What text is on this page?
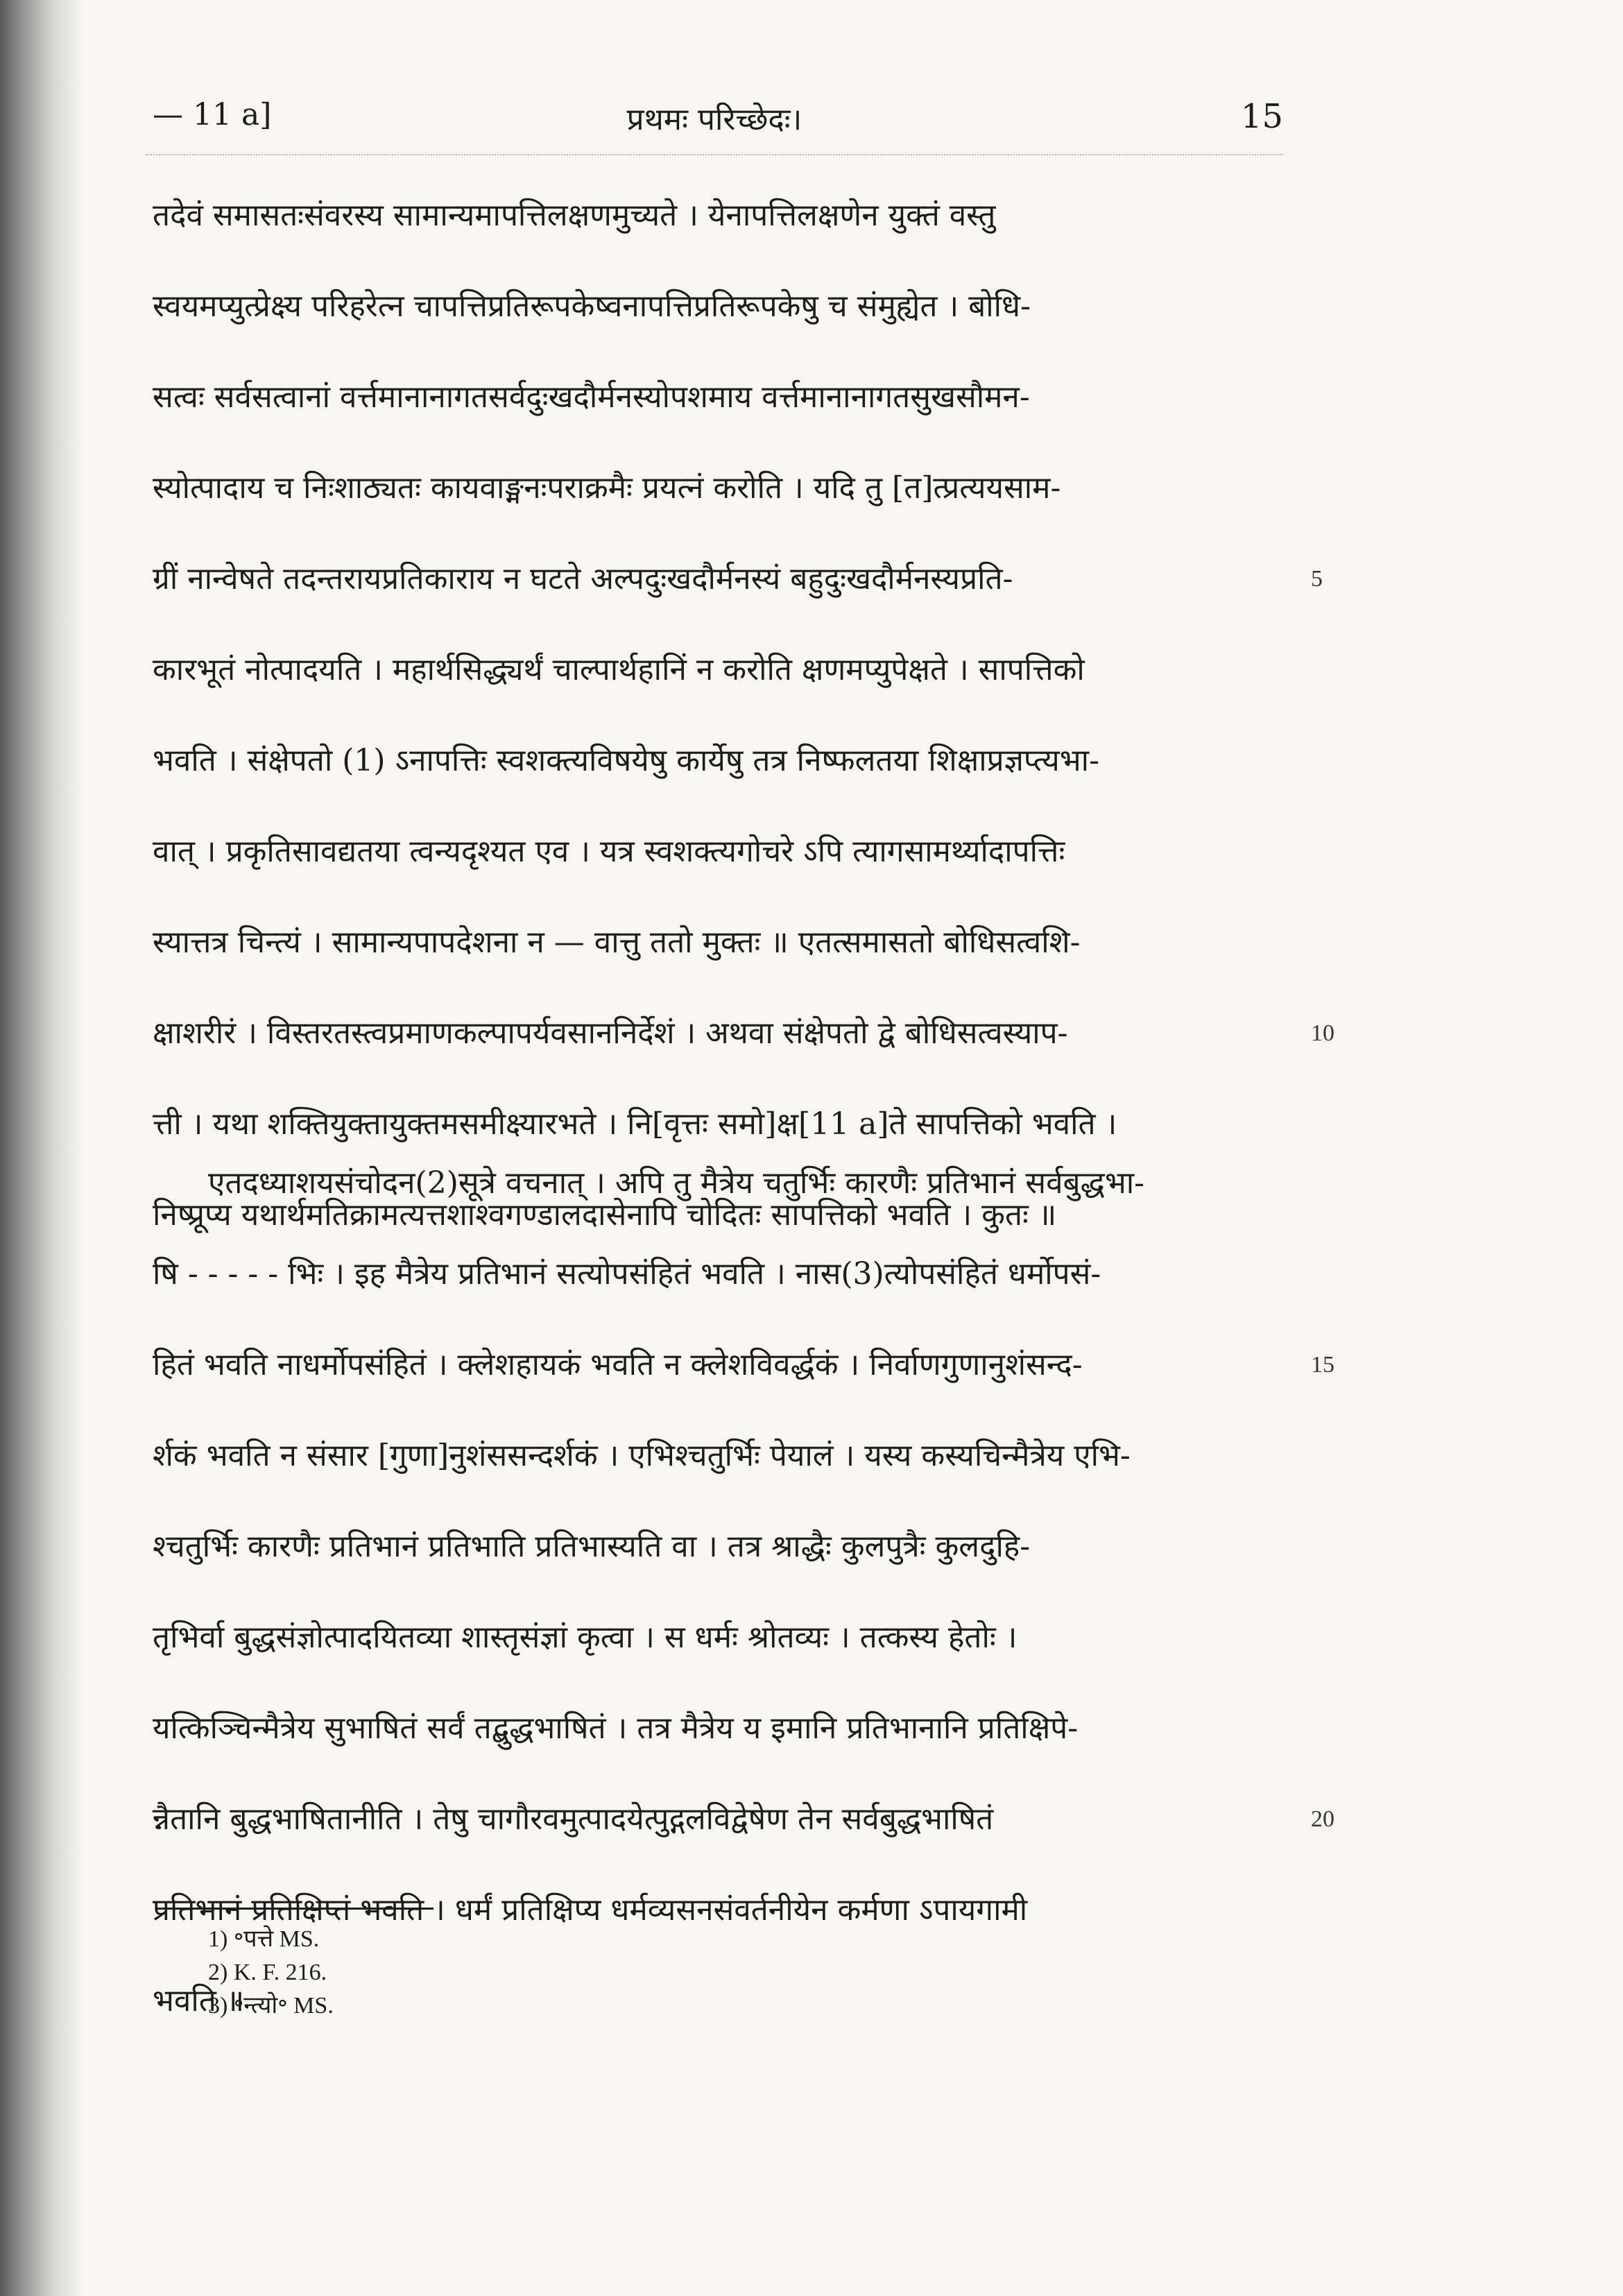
— 11 a]	प्रथमः परिच्छेदः।	15
तदेवं समासतःसंवरस्य सामान्यमापत्तिलक्षणमुच्यते । येनापत्तिलक्षणेन युक्तं वस्तु
स्वयमप्युत्प्रेक्ष्य परिहरेत्न चापत्तिप्रतिरूपकेष्वनापत्तिप्रतिरूपकेषु च संमुह्येत । बोधि-
सत्वः सर्वसत्वानां वर्त्तमानानागतसर्वदुःखदौर्मनस्योपशमाय वर्त्तमानानागतसुखसौमन-
स्योत्पादाय च निःशाठ्यतः कायवाङ्मनःपराक्रमैः प्रयत्नं करोति । यदि तु [त]त्प्रत्ययसाम-
ग्रीं नान्वेषते तदन्तरायप्रतिकाराय न घटते अल्पदुःखदौर्मनस्यं बहुदुःखदौर्मनस्यप्रति-	5
कारभूतं नोत्पादयति । महार्थसिद्ध्यर्थं चाल्पार्थहानिं न करोति क्षणमप्युपेक्षते । सापत्तिको
भवति । संक्षेपतो (1) ऽनापत्तिः स्वशक्त्यविषयेषु कार्येषु तत्र निष्फलतया शिक्षाप्रज्ञप्त्यभा-
वात् । प्रकृतिसावद्यतया त्वन्यदृश्यत एव । यत्र स्वशक्त्यगोचरे ऽपि त्यागसामर्थ्यादापत्तिः
स्यात्तत्र चिन्त्यं । सामान्यपापदेशना न — वात्तु ततो मुक्तः ॥ एतत्समासतो बोधिसत्वशि-
क्षाशरीरं । विस्तरतस्त्वप्रमाणकल्पापर्यवसाननिर्देशं । अथवा संक्षेपतो द्वे बोधिसत्वस्याप-	10
त्ती । यथा शक्तियुक्तायुक्तमसमीक्ष्यारभते । नि[वृत्तः समो]क्ष[11 a]ते सापत्तिको भवति ।
निष्प्रूप्य यथार्थमतिक्रामत्यत्तशाश्वगण्डालदासेनापि चोदितः सापत्तिको भवति । कुतः ॥
एतदध्याशयसंचोदन(2)सूत्रे वचनात् । अपि तु मैत्रेय चतुर्भिः कारणैः प्रतिभानं सर्वबुद्धभा-
षि - - - - - भिः । इह मैत्रेय प्रतिभानं सत्योपसंहितं भवति । नास(3)त्योपसंहितं धर्मोपसं-
हितं भवति नाधर्मोपसंहितं । क्लेशहायकं भवति न क्लेशविवर्द्धकं । निर्वाणगुणानुशंसन्द-	15
र्शकं भवति न संसार [गुणा]नुशंससन्दर्शकं । एभिश्चतुर्भिः पेयालं । यस्य कस्यचिन्मैत्रेय एभि-
श्चतुर्भिः कारणैः प्रतिभानं प्रतिभाति प्रतिभास्यति वा । तत्र श्राद्धैः कुलपुत्रैः कुलदुहि-
तृभिर्वा बुद्धसंज्ञोत्पादयितव्या शास्तृसंज्ञां कृत्वा । स धर्मः श्रोतव्यः । तत्कस्य हेतोः ।
यत्किञ्चिन्मैत्रेय सुभाषितं सर्वं तद्बुद्धभाषितं । तत्र मैत्रेय य इमानि प्रतिभानानि प्रतिक्षिपे-
न्नैतानि बुद्धभाषितानीति । तेषु चागौरवमुत्पादयेत्पुद्गलविद्वेषेण तेन सर्वबुद्धभाषितं	20
प्रतिभानं प्रतिक्षिप्तं भवति । धर्मं प्रतिक्षिप्य धर्मव्यसनसंवर्तनीयेन कर्मणा ऽपायगामी
भवति ॥
1) ॰पत्ते MS.
2) K. F. 216.
3) ॰न्त्यो॰ MS.
